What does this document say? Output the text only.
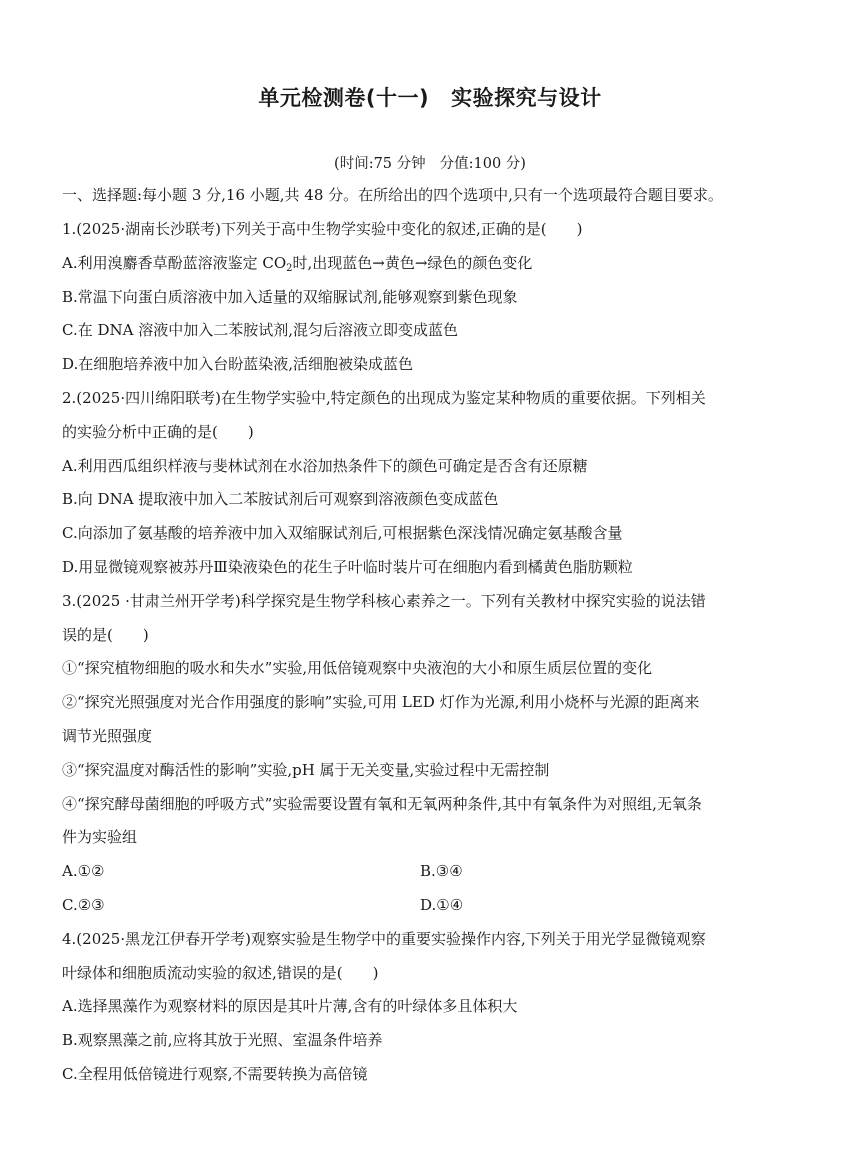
单元检测卷(十一) 实验探究与设计
(时间:75 分钟 分值:100 分)
一、选择题:每小题 3 分,16 小题,共 48 分。在所给出的四个选项中,只有一个选项最符合题目要求。
1.(2025·湖南长沙联考)下列关于高中生物学实验中变化的叙述,正确的是(　　)
A.利用溴麝香草酚蓝溶液鉴定 $CO_2$时,出现蓝色→黄色→绿色的颜色变化
B.常温下向蛋白质溶液中加入适量的双缩脲试剂,能够观察到紫色现象
C.在 DNA 溶液中加入二苯胺试剂,混匀后溶液立即变成蓝色
D.在细胞培养液中加入台盼蓝染液,活细胞被染成蓝色
2.(2025·四川绵阳联考)在生物学实验中,特定颜色的出现成为鉴定某种物质的重要依据。下列相关
的实验分析中正确的是(　　)
A.利用西瓜组织样液与斐林试剂在水浴加热条件下的颜色可确定是否含有还原糖
B.向 DNA 提取液中加入二苯胺试剂后可观察到溶液颜色变成蓝色
C.向添加了氨基酸的培养液中加入双缩脲试剂后,可根据紫色深浅情况确定氨基酸含量
D.用显微镜观察被苏丹Ⅲ染液染色的花生子叶临时装片可在细胞内看到橘黄色脂肪颗粒
3.(2025 ·甘肃兰州开学考)科学探究是生物学科核心素养之一。下列有关教材中探究实验的说法错
误的是(　　)
①“探究植物细胞的吸水和失水”实验,用低倍镜观察中央液泡的大小和原生质层位置的变化
②“探究光照强度对光合作用强度的影响”实验,可用 LED 灯作为光源,利用小烧杯与光源的距离来
调节光照强度
③“探究温度对酶活性的影响”实验,pH 属于无关变量,实验过程中无需控制
④“探究酵母菌细胞的呼吸方式”实验需要设置有氧和无氧两种条件,其中有氧条件为对照组,无氧条
件为实验组
A.①②	B.③④
C.②③	D.①④
4.(2025·黑龙江伊春开学考)观察实验是生物学中的重要实验操作内容,下列关于用光学显微镜观察
叶绿体和细胞质流动实验的叙述,错误的是(　　)
A.选择黑藻作为观察材料的原因是其叶片薄,含有的叶绿体多且体积大
B.观察黑藻之前,应将其放于光照、室温条件培养
C.全程用低倍镜进行观察,不需要转换为高倍镜
